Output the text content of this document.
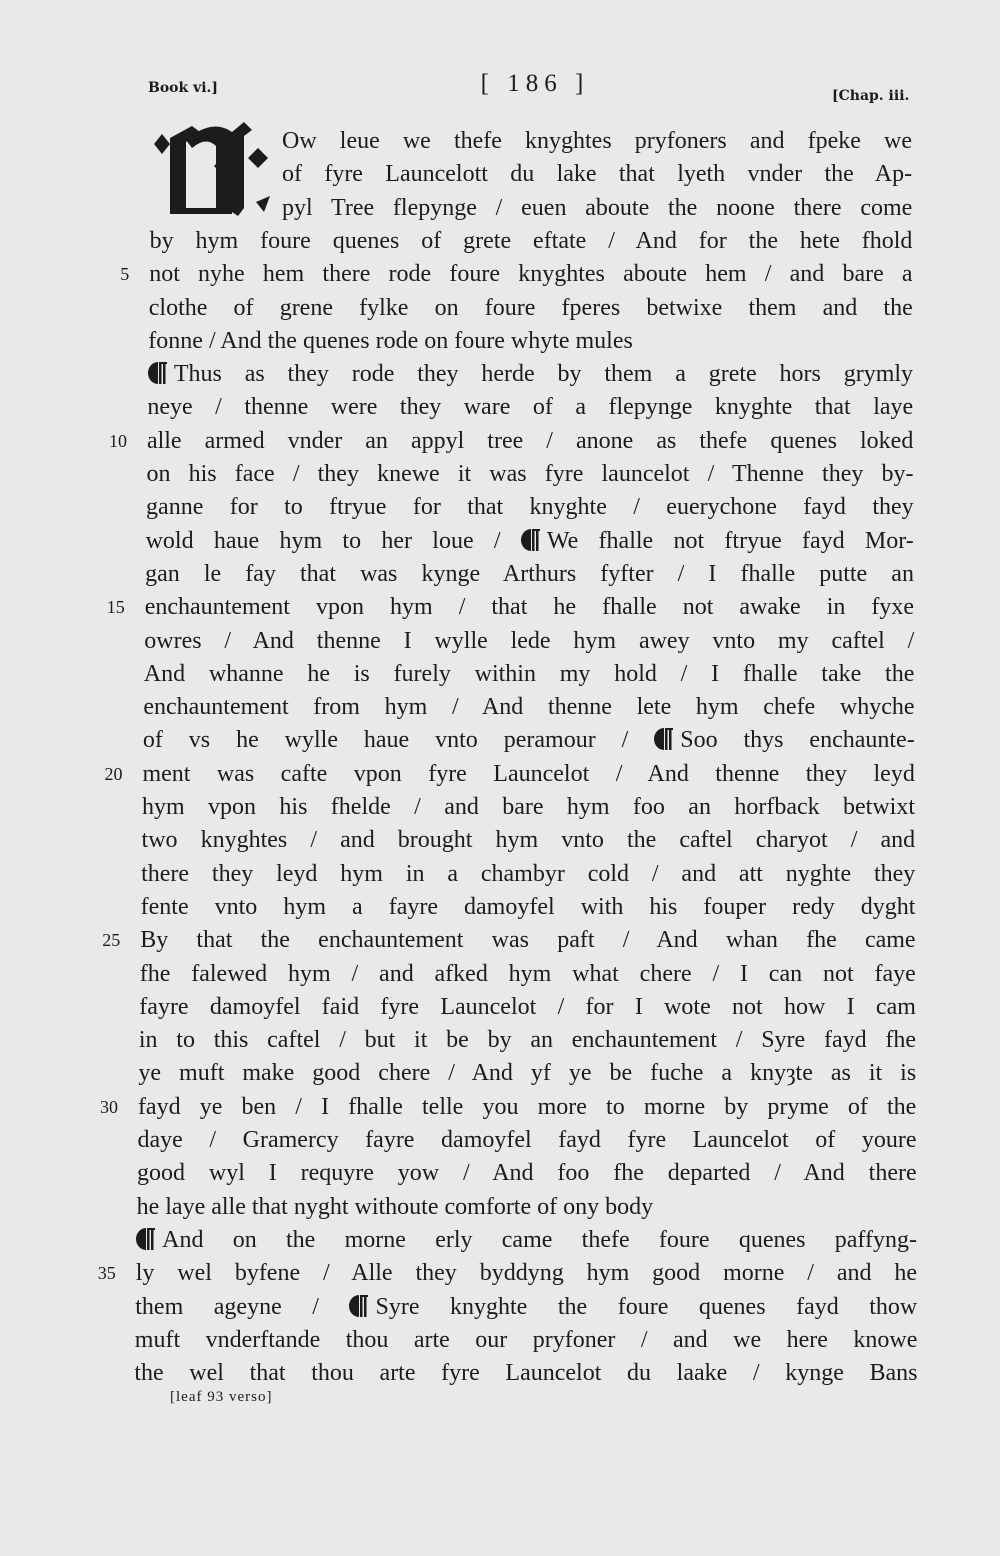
Book vi.]	[ 186 ]	[Chap. iii.
Ow leue we thefe knyghtes pryfoners and fpeke we
of fyre Launcelott du lake that lyeth vnder the Ap-
pyl Tree flepynge / euen aboute the noone there come
by hym foure quenes of grete eftate / And for the hete fhold
not nyhe hem there rode foure knyghtes aboute hem / and bare a
5
clothe of grene fylke on foure fperes betwixe them and the
fonne / And the quenes rode on foure whyte mules
Thus as they rode they herde by them a grete hors grymly
neye / thenne were they ware of a flepynge knyghte that laye
alle armed vnder an appyl tree / anone as thefe quenes loked
10
on his face / they knewe it was fyre launcelot / Thenne they by-
ganne for to ftryue for that knyghte / euerychone fayd they
wold haue hym to her loue / We fhalle not ftryue fayd Mor-
gan le fay that was kynge Arthurs fyfter / I fhalle putte an
enchauntement vpon hym / that he fhalle not awake in fyxe
15
owres / And thenne I wylle lede hym awey vnto my caftel /
And whanne he is furely within my hold / I fhalle take the
enchauntement from hym / And thenne lete hym chefe whyche
of vs he wylle haue vnto peramour / Soo thys enchaunte-
ment was cafte vpon fyre Launcelot / And thenne they leyd
20
hym vpon his fhelde / and bare hym foo an horfback betwixt
two knyghtes / and brought hym vnto the caftel charyot / and
there they leyd hym in a chambyr cold / and att nyghte they
fente vnto hym a fayre damoyfel with his fouper redy dyght
By that the enchauntement was paft / And whan fhe came
25
fhe falewed hym / and afked hym what chere / I can not faye
fayre damoyfel faid fyre Launcelot / for I wote not how I cam
in to this caftel / but it be by an enchauntement / Syre fayd fhe
ye muft make good chere / And yf ye be fuche a knyȝte as it is
fayd ye ben / I fhalle telle you more to morne by pryme of the
30
daye / Gramercy fayre damoyfel fayd fyre Launcelot of youre
good wyl I requyre yow / And foo fhe departed / And there
he laye alle that nyght withoute comforte of ony body
And on the morne erly came thefe foure quenes paffyng-
ly wel byfene / Alle they byddyng hym good morne / and he
35
them ageyne / Syre knyghte the foure quenes fayd thow
muft vnderftande thou arte our pryfoner / and we here knowe
the wel that thou arte fyre Launcelot du laake / kynge Bans
[leaf 93 verso]
